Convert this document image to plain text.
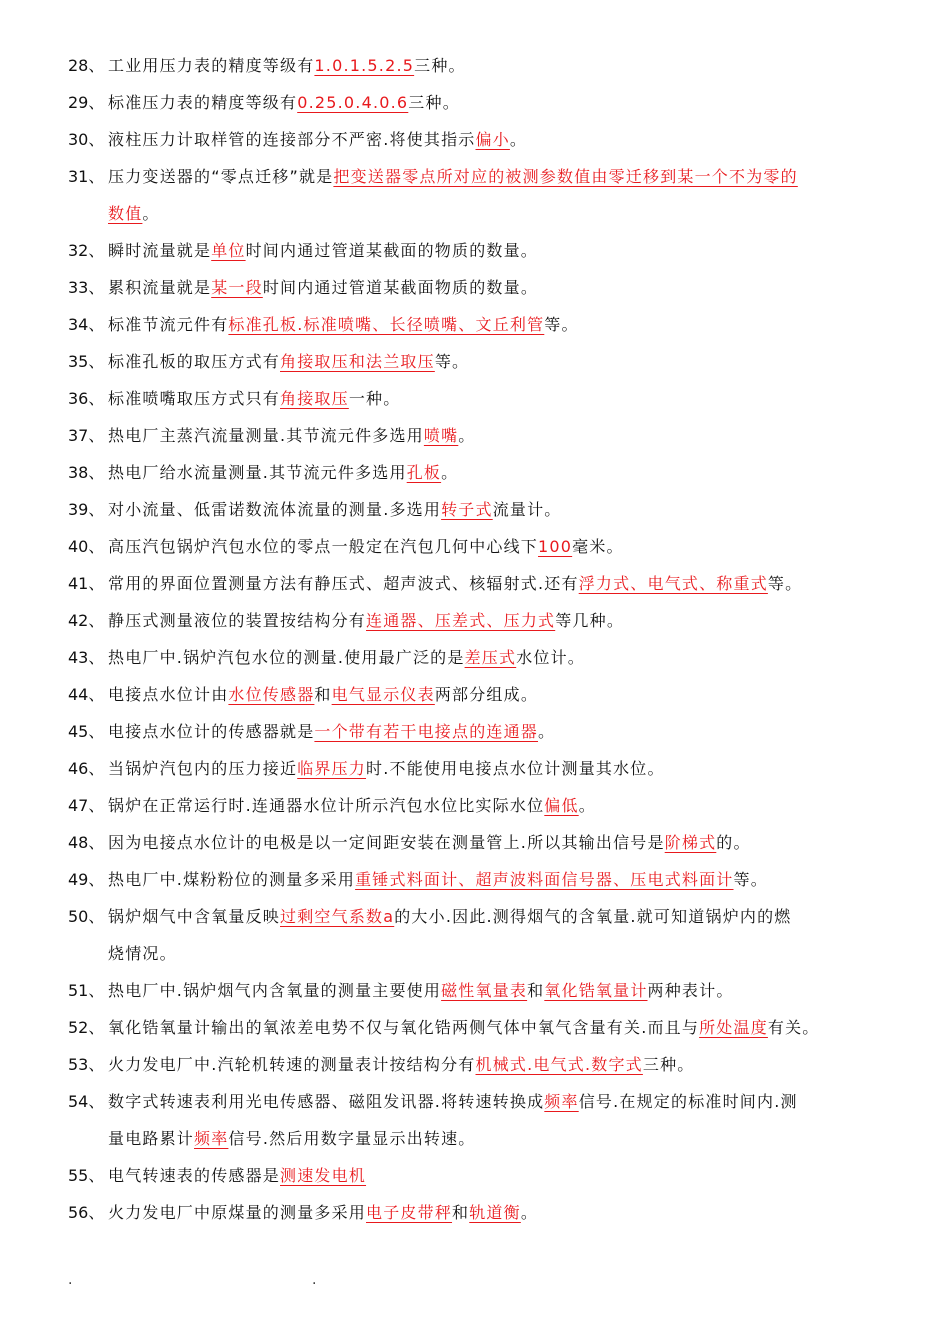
28、 工业用压力表的精度等级有1.0.1.5.2.5三种。
29、 标准压力表的精度等级有0.25.0.4.0.6三种。
30、 液柱压力计取样管的连接部分不严密.将使其指示偏小。
31、 压力变送器的“零点迁移”就是把变送器零点所对应的被测参数值由零迁移到某一个不为零的
数值。
32、 瞬时流量就是单位时间内通过管道某截面的物质的数量。
33、 累积流量就是某一段时间内通过管道某截面物质的数量。
34、 标准节流元件有标准孔板.标准喷嘴、长径喷嘴、文丘利管等。
35、 标准孔板的取压方式有角接取压和法兰取压等。
36、 标准喷嘴取压方式只有角接取压一种。
37、 热电厂主蒸汽流量测量.其节流元件多选用喷嘴。
38、 热电厂给水流量测量.其节流元件多选用孔板。
39、 对小流量、低雷诺数流体流量的测量.多选用转子式流量计。
40、 高压汽包锅炉汽包水位的零点一般定在汽包几何中心线下100毫米。
41、 常用的界面位置测量方法有静压式、超声波式、核辐射式.还有浮力式、电气式、称重式等。
42、 静压式测量液位的装置按结构分有连通器、压差式、压力式等几种。
43、 热电厂中.锅炉汽包水位的测量.使用最广泛的是差压式水位计。
44、 电接点水位计由水位传感器和电气显示仪表两部分组成。
45、 电接点水位计的传感器就是一个带有若干电接点的连通器。
46、 当锅炉汽包内的压力接近临界压力时.不能使用电接点水位计测量其水位。
47、 锅炉在正常运行时.连通器水位计所示汽包水位比实际水位偏低。
48、 因为电接点水位计的电极是以一定间距安装在测量管上.所以其输出信号是阶梯式的。
49、 热电厂中.煤粉粉位的测量多采用重锤式料面计、超声波料面信号器、压电式料面计等。
50、 锅炉烟气中含氧量反映过剩空气系数a的大小.因此.测得烟气的含氧量.就可知道锅炉内的燃
烧情况。
51、 热电厂中.锅炉烟气内含氧量的测量主要使用磁性氧量表和氧化锆氧量计两种表计。
52、 氧化锆氧量计输出的氧浓差电势不仅与氧化锆两侧气体中氧气含量有关.而且与所处温度有关。
53、 火力发电厂中.汽轮机转速的测量表计按结构分有机械式.电气式.数字式三种。
54、 数字式转速表利用光电传感器、磁阻发讯器.将转速转换成频率信号.在规定的标准时间内.测
量电路累计频率信号.然后用数字量显示出转速。
55、 电气转速表的传感器是测速发电机
56、 火力发电厂中原煤量的测量多采用电子皮带秤和轨道衡。
.	.
